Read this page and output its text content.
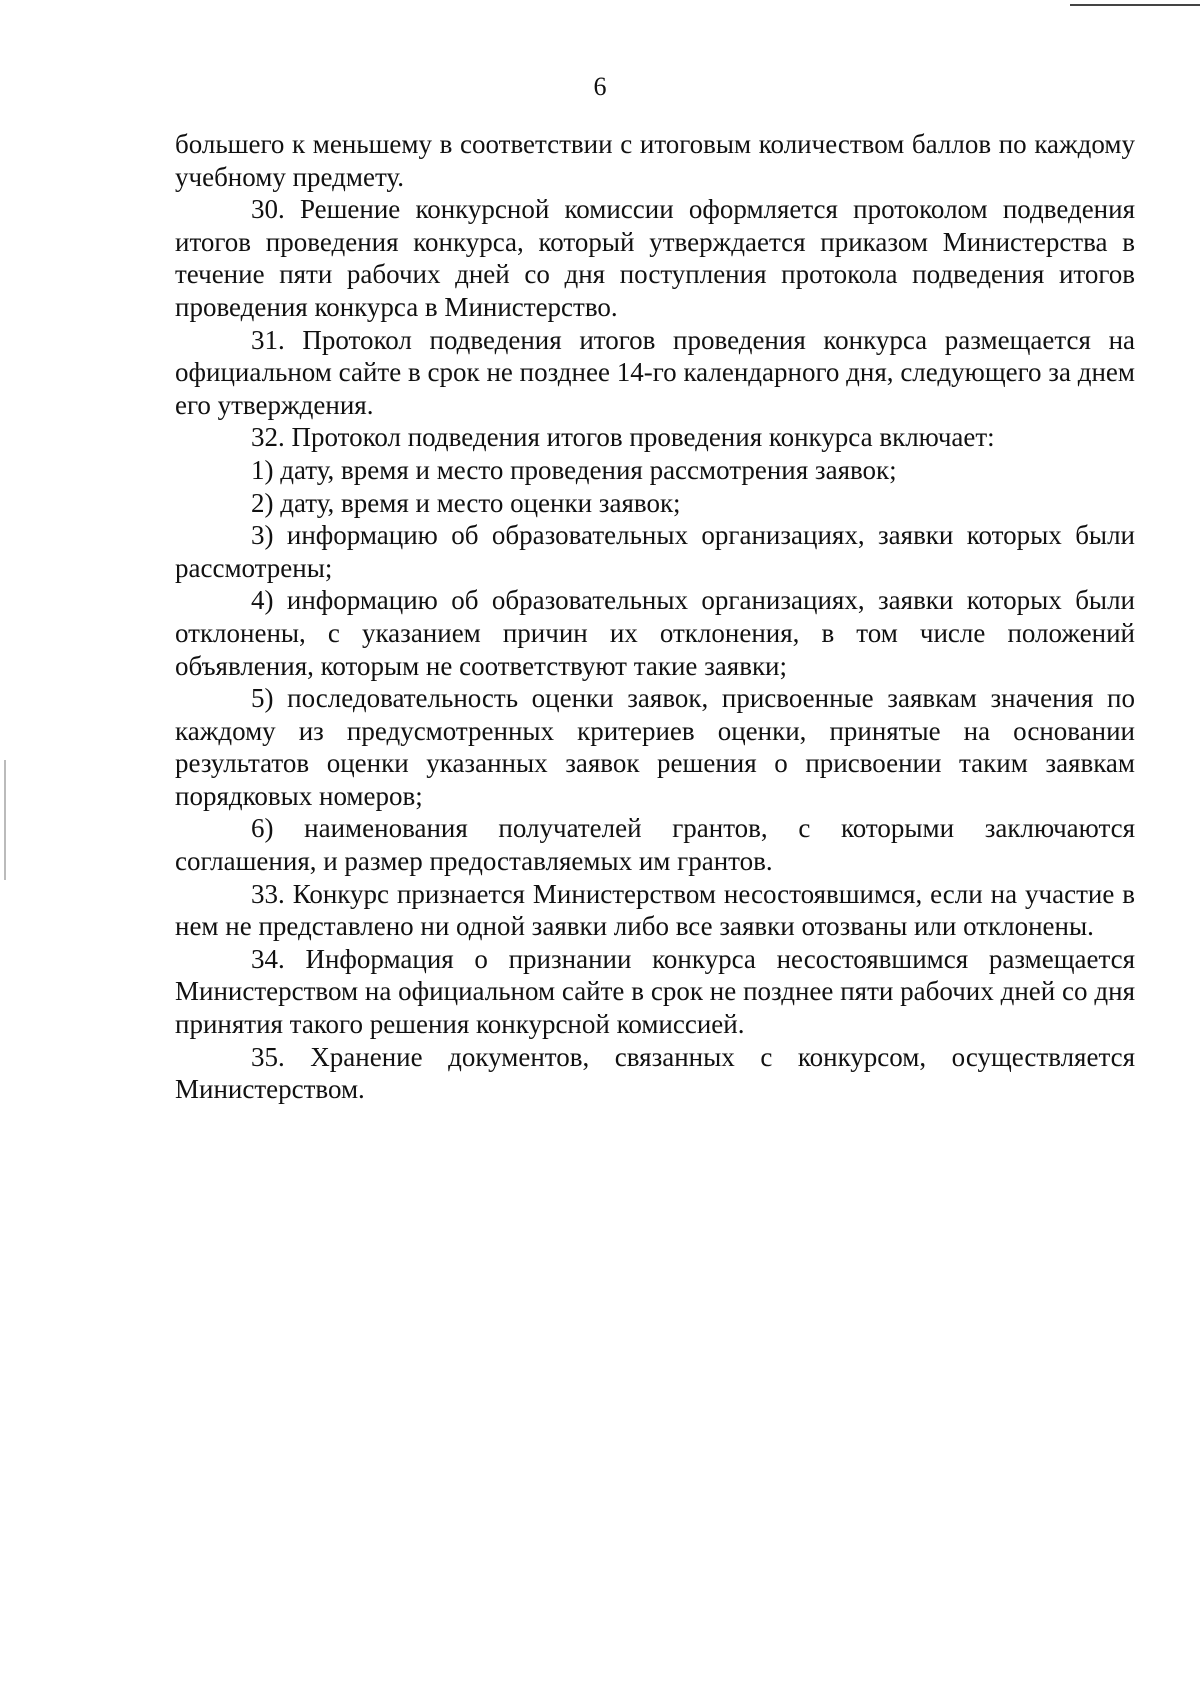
6

большего к меньшему в соответствии с итоговым количеством баллов по каждому учебному предмету.

30. Решение конкурсной комиссии оформляется протоколом подведения итогов проведения конкурса, который утверждается приказом Министерства в течение пяти рабочих дней со дня поступления протокола подведения итогов проведения конкурса в Министерство.

31. Протокол подведения итогов проведения конкурса размещается на официальном сайте в срок не позднее 14-го календарного дня, следующего за днем его утверждения.

32. Протокол подведения итогов проведения конкурса включает:

1) дату, время и место проведения рассмотрения заявок;

2) дату, время и место оценки заявок;

3) информацию об образовательных организациях, заявки которых были рассмотрены;

4) информацию об образовательных организациях, заявки которых были отклонены, с указанием причин их отклонения, в том числе положений объявления, которым не соответствуют такие заявки;

5) последовательность оценки заявок, присвоенные заявкам значения по каждому из предусмотренных критериев оценки, принятые на основании результатов оценки указанных заявок решения о присвоении таким заявкам порядковых номеров;

6) наименования получателей грантов, с которыми заключаются соглашения, и размер предоставляемых им грантов.

33. Конкурс признается Министерством несостоявшимся, если на участие в нем не представлено ни одной заявки либо все заявки отозваны или отклонены.

34. Информация о признании конкурса несостоявшимся размещается Министерством на официальном сайте в срок не позднее пяти рабочих дней со дня принятия такого решения конкурсной комиссией.

35. Хранение документов, связанных с конкурсом, осуществляется Министерством.
